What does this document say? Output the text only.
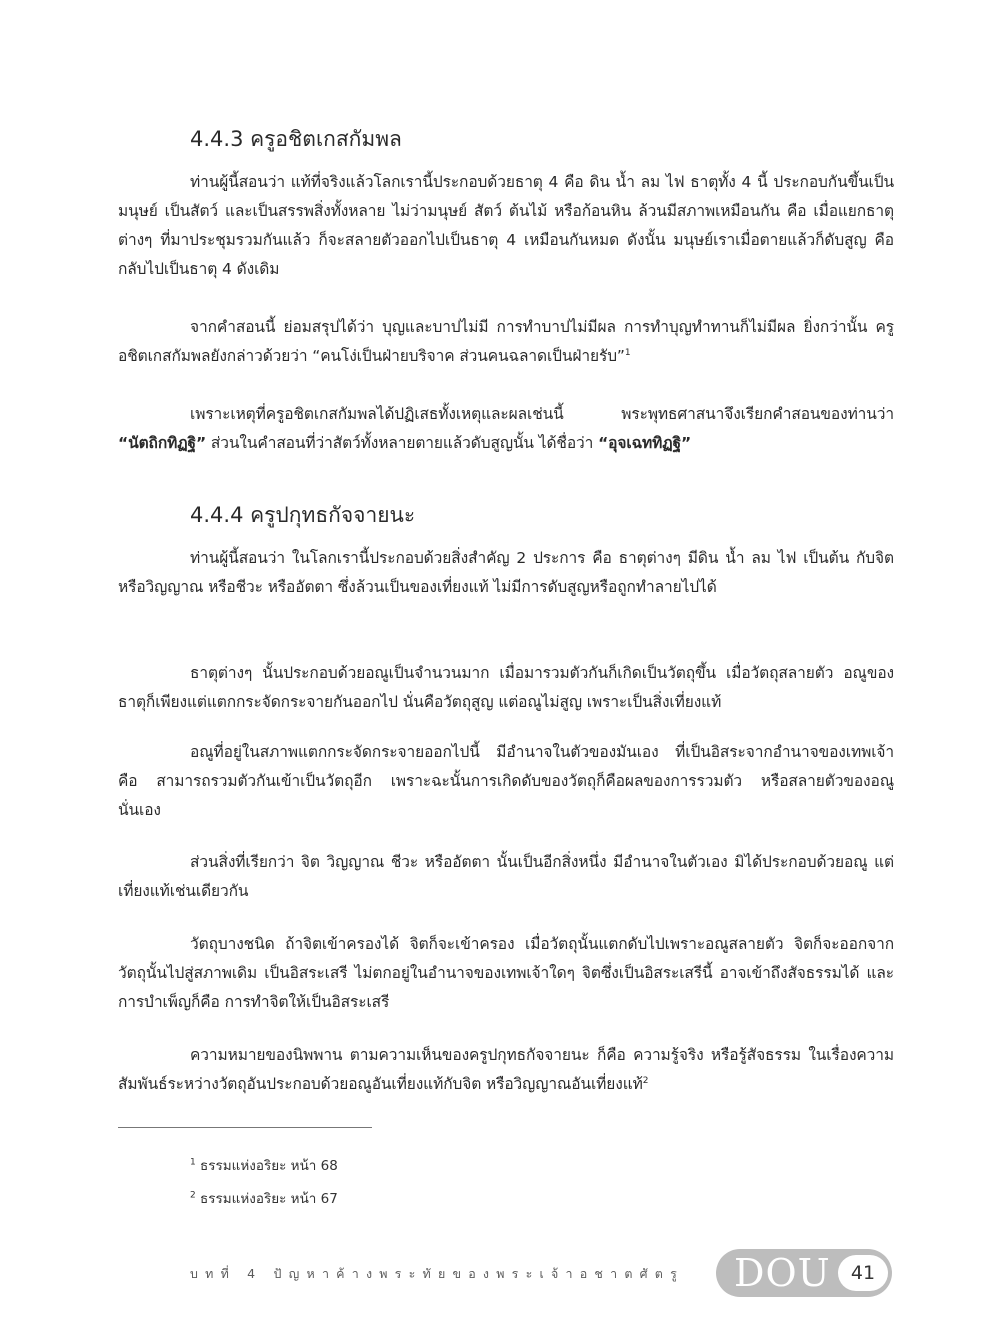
4.4.3 ครูอชิตเกสกัมพล

ท่านผู้นี้สอนว่า แท้ที่จริงแล้วโลกเรานี้ประกอบด้วยธาตุ 4 คือ ดิน น้ำ ลม ไฟ ธาตุทั้ง 4 นี้ ประกอบกันขึ้นเป็นมนุษย์ เป็นสัตว์ และเป็นสรรพสิ่งทั้งหลาย ไม่ว่ามนุษย์ สัตว์ ต้นไม้ หรือก้อนหิน ล้วนมีสภาพเหมือนกัน คือ เมื่อแยกธาตุต่างๆ ที่มาประชุมรวมกันแล้ว ก็จะสลายตัวออกไปเป็นธาตุ 4 เหมือนกันหมด ดังนั้น มนุษย์เราเมื่อตายแล้วก็ดับสูญ คือ กลับไปเป็นธาตุ 4 ดังเดิม

จากคำสอนนี้ ย่อมสรุปได้ว่า บุญและบาปไม่มี การทำบาปไม่มีผล การทำบุญทำทานก็ไม่มีผล ยิ่งกว่านั้น ครูอชิตเกสกัมพลยังกล่าวด้วยว่า “คนโง่เป็นฝ่ายบริจาค ส่วนคนฉลาดเป็นฝ่ายรับ”$^1$

เพราะเหตุที่ครูอชิตเกสกัมพลได้ปฏิเสธทั้งเหตุและผลเช่นนี้ พระพุทธศาสนาจึงเรียกคำสอนของท่านว่า “นัตถิกทิฏฐิ” ส่วนในคำสอนที่ว่าสัตว์ทั้งหลายตายแล้วดับสูญนั้น ได้ชื่อว่า “อุจเฉททิฏฐิ”

4.4.4 ครูปกุทธกัจจายนะ

ท่านผู้นี้สอนว่า ในโลกเรานี้ประกอบด้วยสิ่งสำคัญ 2 ประการ คือ ธาตุต่างๆ มีดิน น้ำ ลม ไฟ เป็นต้น กับจิตหรือวิญญาณ หรือชีวะ หรืออัตตา ซึ่งล้วนเป็นของเที่ยงแท้ ไม่มีการดับสูญหรือถูกทำลายไปได้

ธาตุต่างๆ นั้นประกอบด้วยอณูเป็นจำนวนมาก เมื่อมารวมตัวกันก็เกิดเป็นวัตถุขึ้น เมื่อวัตถุสลายตัว อณูของธาตุก็เพียงแต่แตกกระจัดกระจายกันออกไป นั่นคือวัตถุสูญ แต่อณูไม่สูญ เพราะเป็นสิ่งเที่ยงแท้

อณูที่อยู่ในสภาพแตกกระจัดกระจายออกไปนี้ มีอำนาจในตัวของมันเอง ที่เป็นอิสระจากอำนาจของเทพเจ้า คือ สามารถรวมตัวกันเข้าเป็นวัตถุอีก เพราะฉะนั้นการเกิดดับของวัตถุก็คือผลของการรวมตัว หรือสลายตัวของอณูนั่นเอง

ส่วนสิ่งที่เรียกว่า จิต วิญญาณ ชีวะ หรืออัตตา นั้นเป็นอีกสิ่งหนึ่ง มีอำนาจในตัวเอง มิได้ประกอบด้วยอณู แต่เที่ยงแท้เช่นเดียวกัน

วัตถุบางชนิด ถ้าจิตเข้าครองได้ จิตก็จะเข้าครอง เมื่อวัตถุนั้นแตกดับไปเพราะอณูสลายตัว จิตก็จะออกจากวัตถุนั้นไปสู่สภาพเดิม เป็นอิสระเสรี ไม่ตกอยู่ในอำนาจของเทพเจ้าใดๆ จิตซึ่งเป็นอิสระเสรีนี้ อาจเข้าถึงสัจธรรมได้ และการบำเพ็ญก็คือ การทำจิตให้เป็นอิสระเสรี

ความหมายของนิพพาน ตามความเห็นของครูปกุทธกัจจายนะ ก็คือ ความรู้จริง หรือรู้สัจธรรม ในเรื่องความสัมพันธ์ระหว่างวัตถุอันประกอบด้วยอณูอันเที่ยงแท้กับจิต หรือวิญญาณอันเที่ยงแท้$^2$

$^1$ ธรรมแห่งอริยะ หน้า 68
$^2$ ธรรมแห่งอริยะ หน้า 67
บทที่ 4 ปัญหาค้างพระทัยของพระเจ้าอชาตศัตรู DOU	41
